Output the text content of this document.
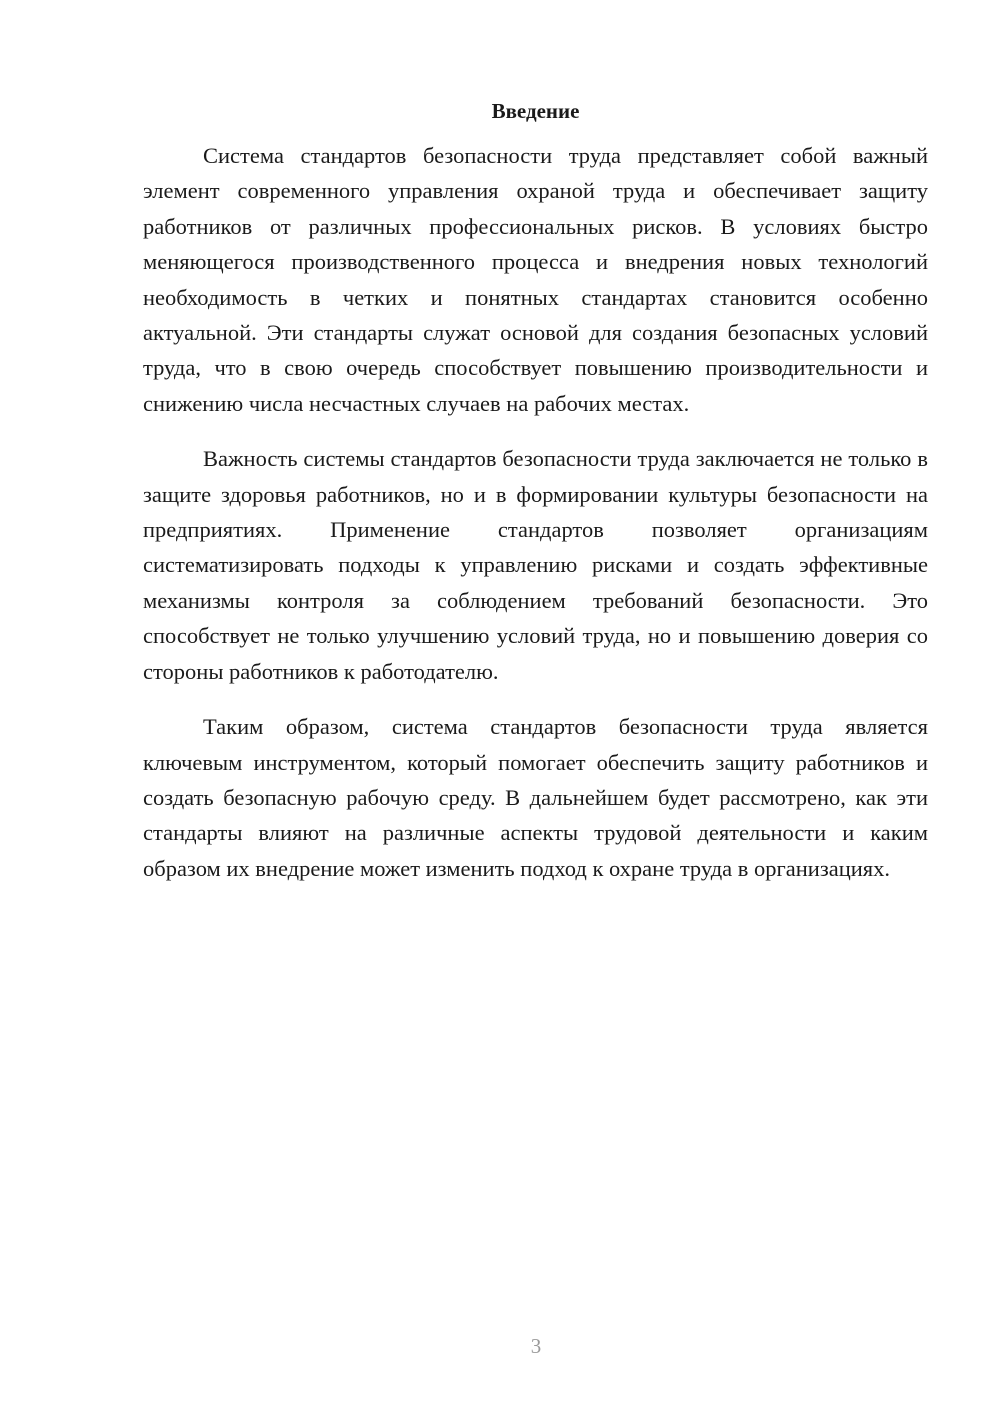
Введение

Система стандартов безопасности труда представляет собой важный элемент современного управления охраной труда и обеспечивает защиту работников от различных профессиональных рисков. В условиях быстро меняющегося производственного процесса и внедрения новых технологий необходимость в четких и понятных стандартах становится особенно актуальной. Эти стандарты служат основой для создания безопасных условий труда, что в свою очередь способствует повышению производительности и снижению числа несчастных случаев на рабочих местах.

Важность системы стандартов безопасности труда заключается не только в защите здоровья работников, но и в формировании культуры безопасности на предприятиях. Применение стандартов позволяет организациям систематизировать подходы к управлению рисками и создать эффективные механизмы контроля за соблюдением требований безопасности. Это способствует не только улучшению условий труда, но и повышению доверия со стороны работников к работодателю.

Таким образом, система стандартов безопасности труда является ключевым инструментом, который помогает обеспечить защиту работников и создать безопасную рабочую среду. В дальнейшем будет рассмотрено, как эти стандарты влияют на различные аспекты трудовой деятельности и каким образом их внедрение может изменить подход к охране труда в организациях.

3
